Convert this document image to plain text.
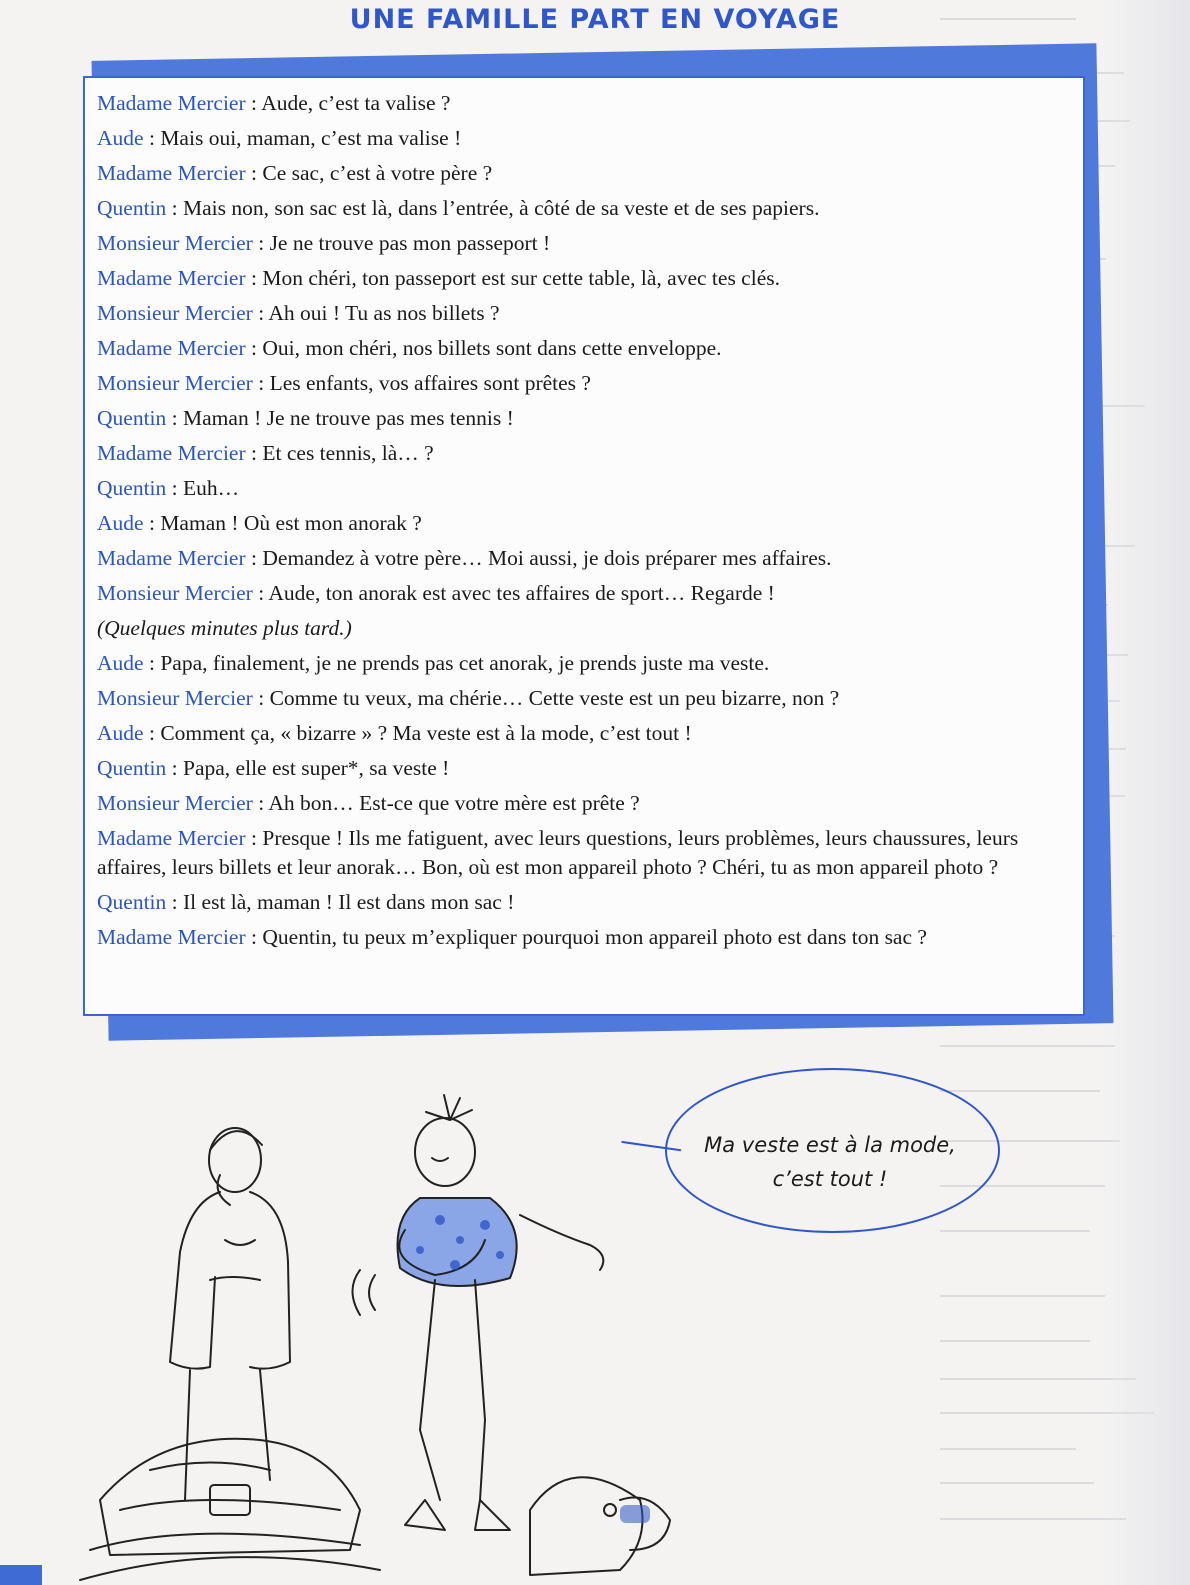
UNE FAMILLE PART EN VOYAGE
Madame Mercier : Aude, c’est ta valise ?
Aude : Mais oui, maman, c’est ma valise !
Madame Mercier : Ce sac, c’est à votre père ?
Quentin : Mais non, son sac est là, dans l’entrée, à côté de sa veste et de ses papiers.
Monsieur Mercier : Je ne trouve pas mon passeport !
Madame Mercier : Mon chéri, ton passeport est sur cette table, là, avec tes clés.
Monsieur Mercier : Ah oui ! Tu as nos billets ?
Madame Mercier : Oui, mon chéri, nos billets sont dans cette enveloppe.
Monsieur Mercier : Les enfants, vos affaires sont prêtes ?
Quentin : Maman ! Je ne trouve pas mes tennis !
Madame Mercier : Et ces tennis, là… ?
Quentin : Euh…
Aude : Maman ! Où est mon anorak ?
Madame Mercier : Demandez à votre père… Moi aussi, je dois préparer mes affaires.
Monsieur Mercier : Aude, ton anorak est avec tes affaires de sport… Regarde !
(Quelques minutes plus tard.)
Aude : Papa, finalement, je ne prends pas cet anorak, je prends juste ma veste.
Monsieur Mercier : Comme tu veux, ma chérie… Cette veste est un peu bizarre, non ?
Aude : Comment ça, « bizarre » ? Ma veste est à la mode, c’est tout !
Quentin : Papa, elle est super*, sa veste !
Monsieur Mercier : Ah bon… Est-ce que votre mère est prête ?
Madame Mercier : Presque ! Ils me fatiguent, avec leurs questions, leurs problèmes, leurs chaussures, leurs affaires, leurs billets et leur anorak… Bon, où est mon appareil photo ? Chéri, tu as mon appareil photo ?
Quentin : Il est là, maman ! Il est dans mon sac !
Madame Mercier : Quentin, tu peux m’expliquer pourquoi mon appareil photo est dans ton sac ?
Ma veste est à la mode,
c’est tout !
